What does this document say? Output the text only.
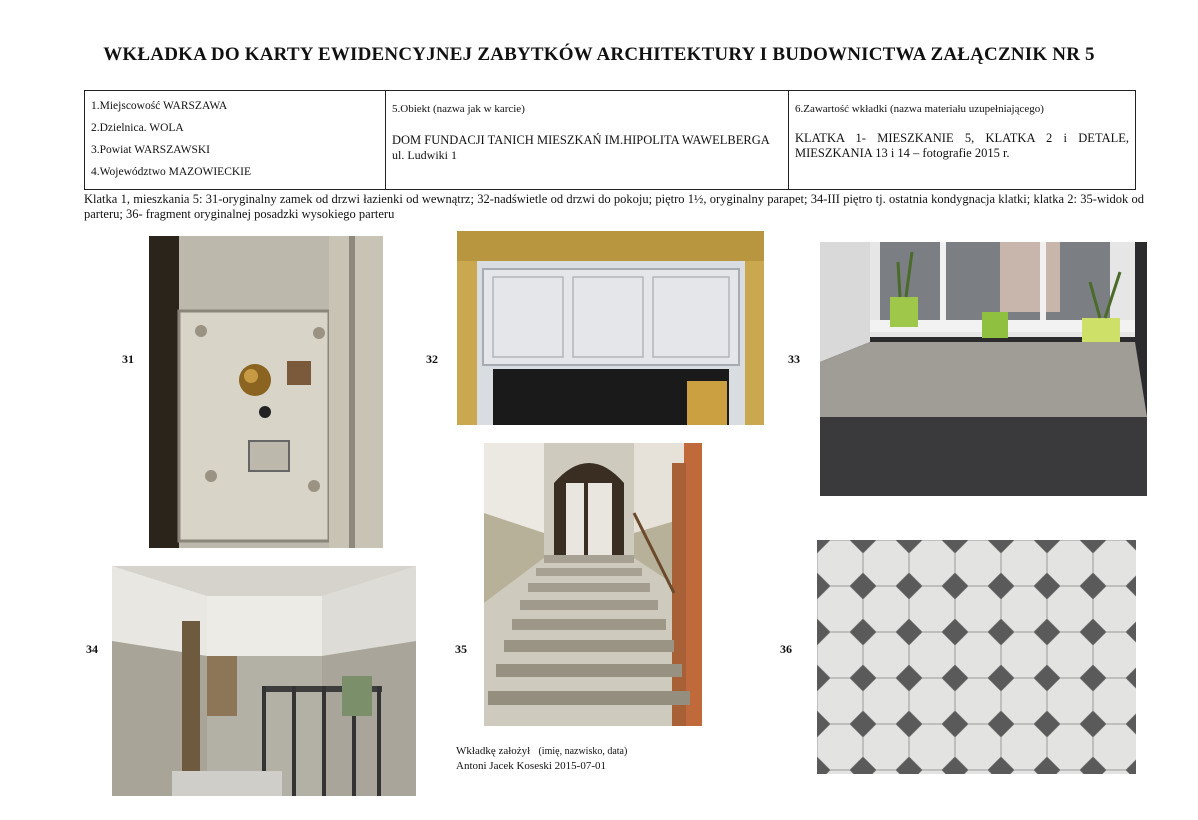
WKŁADKA DO KARTY EWIDENCYJNEJ ZABYTKÓW ARCHITEKTURY I BUDOWNICTWA ZAŁĄCZNIK NR 5
1.Miejscowość WARSZAWA
2.Dzielnica. WOLA
3.Powiat WARSZAWSKI
4.Województwo MAZOWIECKIE

5.Obiekt (nazwa jak w karcie)
DOM FUNDACJI TANICH MIESZKAŃ IM.HIPOLITA WAWELBERGA
ul. Ludwiki 1

6.Zawartość wkładki (nazwa materiału uzupełniającego)
KLATKA 1- MIESZKANIE 5, KLATKA 2 i DETALE, MIESZKANIA 13 i 14 – fotografie 2015 r.
Klatka 1, mieszkania 5: 31-oryginalny zamek od drzwi łazienki od wewnątrz; 32-nadświetle od drzwi do pokoju; piętro 1½, oryginalny parapet; 34-III piętro tj. ostatnia kondygnacja klatki; klatka 2: 35-widok od parteru; 36- fragment oryginalnej posadzki wysokiego parteru
31	32	33
34	35	36
Wkładkę założył (imię, nazwisko, data)
Antoni Jacek Koseski 2015-07-01
